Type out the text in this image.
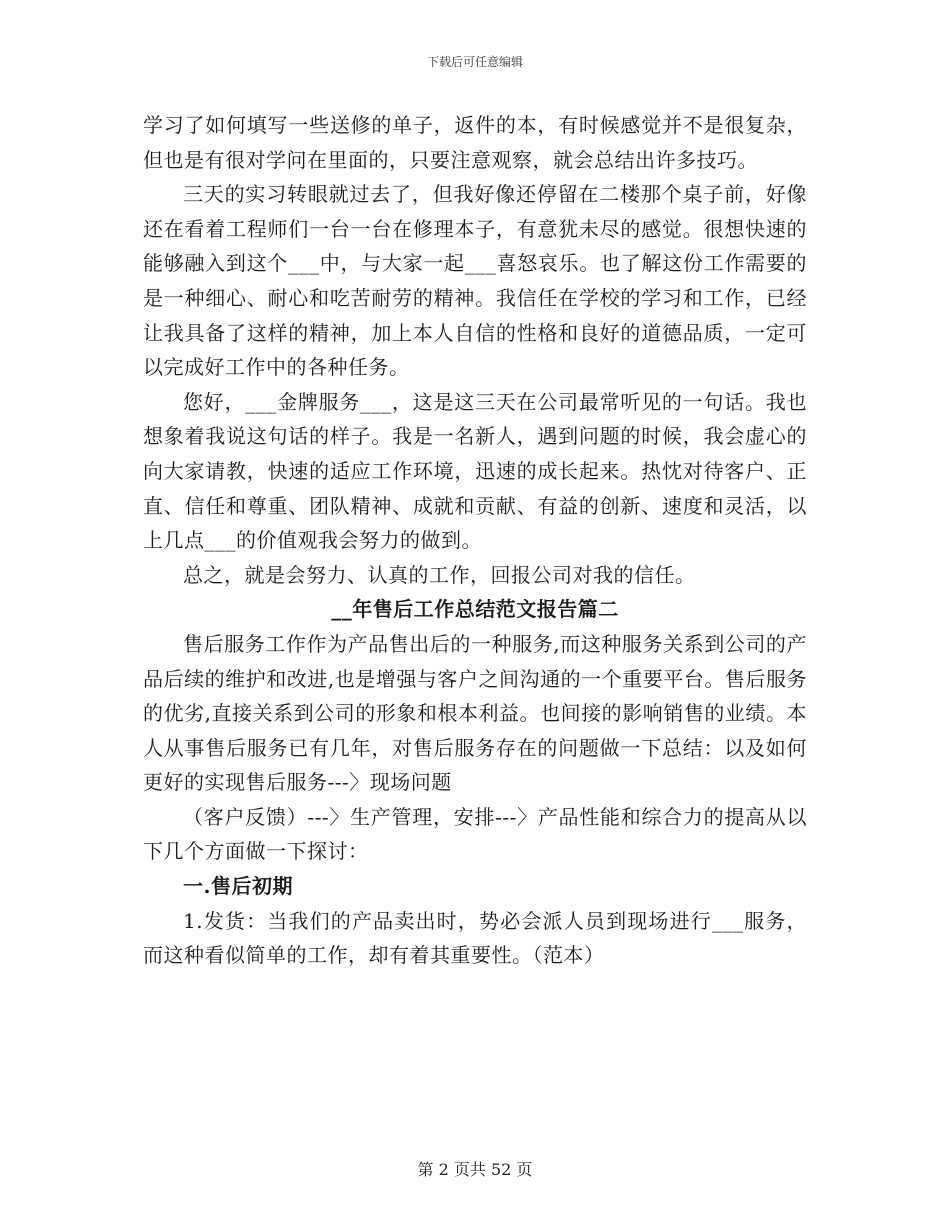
下载后可任意编辑

学习了如何填写一些送修的单子，返件的本，有时候感觉并不是很复杂，但也是有很对学问在里面的，只要注意观察，就会总结出许多技巧。

三天的实习转眼就过去了，但我好像还停留在二楼那个桌子前，好像还在看着工程师们一台一台在修理本子，有意犹未尽的感觉。很想快速的能够融入到这个___中，与大家一起___喜怒哀乐。也了解这份工作需要的是一种细心、耐心和吃苦耐劳的精神。我信任在学校的学习和工作，已经让我具备了这样的精神，加上本人自信的性格和良好的道德品质，一定可以完成好工作中的各种任务。

您好，___金牌服务___，这是这三天在公司最常听见的一句话。我也想象着我说这句话的样子。我是一名新人，遇到问题的时候，我会虚心的向大家请教，快速的适应工作环境，迅速的成长起来。热忱对待客户、正直、信任和尊重、团队精神、成就和贡献、有益的创新、速度和灵活，以上几点___的价值观我会努力的做到。

总之，就是会努力、认真的工作，回报公司对我的信任。

__年售后工作总结范文报告篇二

售后服务工作作为产品售出后的一种服务,而这种服务关系到公司的产品后续的维护和改进,也是增强与客户之间沟通的一个重要平台。售后服务的优劣,直接关系到公司的形象和根本利益。也间接的影响销售的业绩。本人从事售后服务已有几年，对售后服务存在的问题做一下总结：以及如何更好的实现售后服务---〉现场问题

（客户反馈）---〉生产管理，安排---〉产品性能和综合力的提高从以下几个方面做一下探讨：

一.售后初期

1.发货：当我们的产品卖出时，势必会派人员到现场进行___服务，而这种看似简单的工作，却有着其重要性。（范本）

第 2 页共 52 页
